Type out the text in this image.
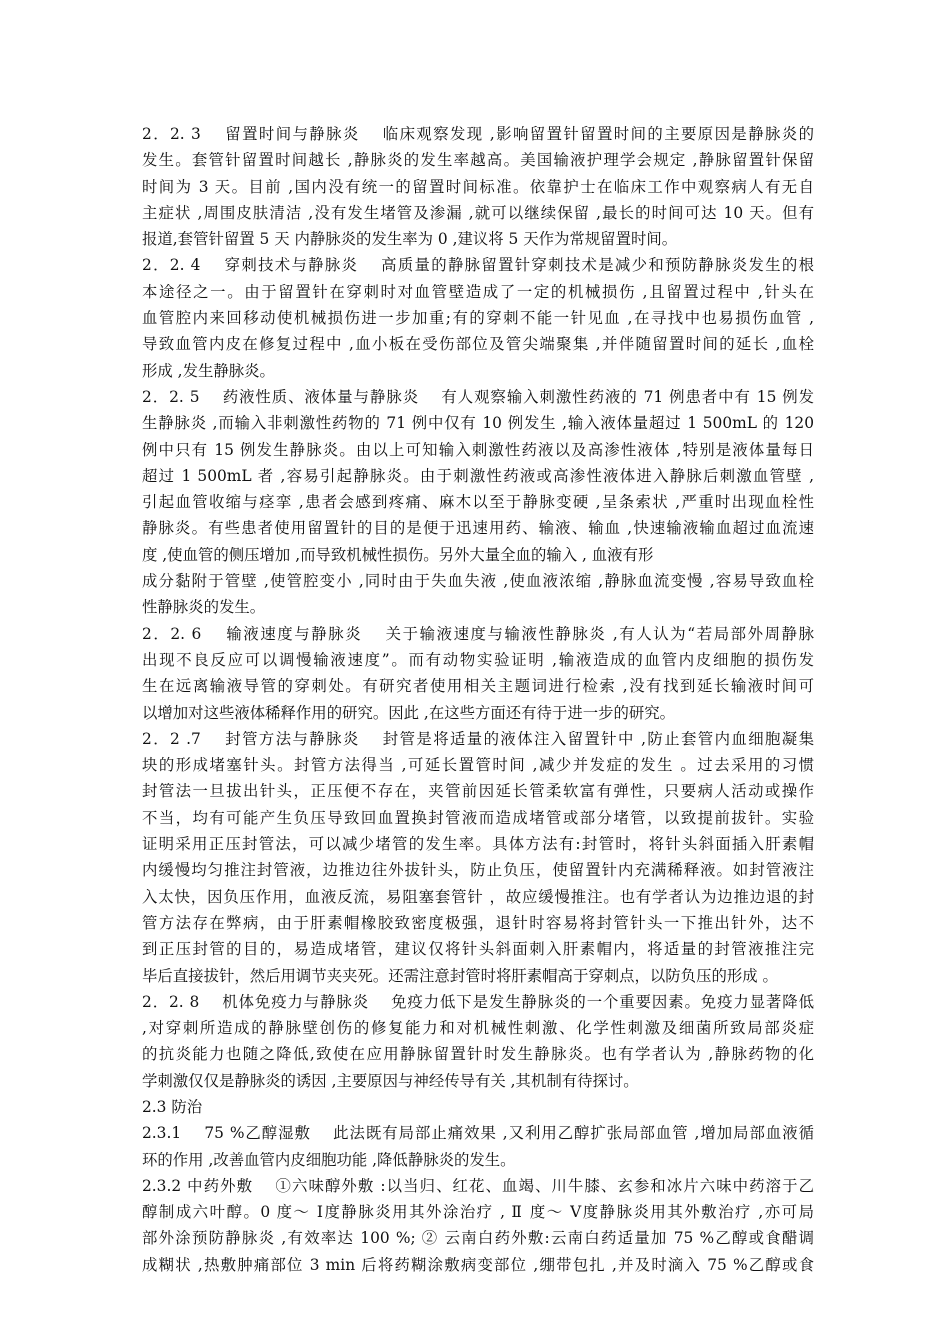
2．2. 3　 留置时间与静脉炎　 临床观察发现 ,影响留置针留置时间的主要原因是静脉炎的
发生。套管针留置时间越长 ,静脉炎的发生率越高。美国输液护理学会规定 ,静脉留置针保留
时间为 3 天。目前 ,国内没有统一的留置时间标准。依靠护士在临床工作中观察病人有无自
主症状 ,周围皮肤清洁 ,没有发生堵管及渗漏 ,就可以继续保留 ,最长的时间可达 10 天。但有
报道,套管针留置 5 天 内静脉炎的发生率为 0 ,建议将 5 天作为常规留置时间。
2．2. 4　 穿刺技术与静脉炎　 高质量的静脉留置针穿刺技术是减少和预防静脉炎发生的根
本途径之一。由于留置针在穿刺时对血管壁造成了一定的机械损伤 ,且留置过程中 ,针头在
血管腔内来回移动使机械损伤进一步加重;有的穿刺不能一针见血 ,在寻找中也易损伤血管 ,
导致血管内皮在修复过程中 ,血小板在受伤部位及管尖端聚集 ,并伴随留置时间的延长 ,血栓
形成 ,发生静脉炎。
2．2. 5　 药液性质、液体量与静脉炎　 有人观察输入刺激性药液的 71 例患者中有 15 例发
生静脉炎 ,而输入非刺激性药物的 71 例中仅有 10 例发生 ,输入液体量超过 1 500mL 的 120
例中只有 15 例发生静脉炎。由以上可知输入刺激性药液以及高渗性液体 ,特别是液体量每日
超过 1 500mL 者 ,容易引起静脉炎。由于刺激性药液或高渗性液体进入静脉后刺激血管壁 ,
引起血管收缩与痉挛 ,患者会感到疼痛、麻木以至于静脉变硬 ,呈条索状 ,严重时出现血栓性
静脉炎。有些患者使用留置针的目的是便于迅速用药、输液、输血 ,快速输液输血超过血流速
度 ,使血管的侧压增加 ,而导致机械性损伤。另外大量全血的输入 , 血液有形
成分黏附于管壁 ,使管腔变小 ,同时由于失血失液 ,使血液浓缩 ,静脉血流变慢 ,容易导致血栓
性静脉炎的发生。
2．2. 6　 输液速度与静脉炎　 关于输液速度与输液性静脉炎 ,有人认为“若局部外周静脉
出现不良反应可以调慢输液速度”。而有动物实验证明 ,输液造成的血管内皮细胞的损伤发
生在远离输液导管的穿刺处。有研究者使用相关主题词进行检索 ,没有找到延长输液时间可
以增加对这些液体稀释作用的研究。因此 ,在这些方面还有待于进一步的研究。
2．2 .7　 封管方法与静脉炎　 封管是将适量的液体注入留置针中 ,防止套管内血细胞凝集
块的形成堵塞针头。封管方法得当 ,可延长置管时间 ,减少并发症的发生 。过去采用的习惯
封管法一旦拔出针头，正压便不存在，夹管前因延长管柔软富有弹性，只要病人活动或操作
不当，均有可能产生负压导致回血置换封管液而造成堵管或部分堵管，以致提前拔针。实验
证明采用正压封管法，可以减少堵管的发生率。具体方法有:封管时，将针头斜面插入肝素帽
内缓慢均匀推注封管液，边推边往外拔针头，防止负压，使留置针内充满稀释液。如封管液注
入太快，因负压作用，血液反流，易阻塞套管针 ，故应缓慢推注。也有学者认为边推边退的封
管方法存在弊病，由于肝素帽橡胶致密度极强，退针时容易将封管针头一下推出针外，达不
到正压封管的目的，易造成堵管，建议仅将针头斜面刺入肝素帽内，将适量的封管液推注完
毕后直接拔针，然后用调节夹夹死。还需注意封管时将肝素帽高于穿刺点，以防负压的形成 。
2．2. 8　 机体免疫力与静脉炎　 免疫力低下是发生静脉炎的一个重要因素。免疫力显著降低
,对穿刺所造成的静脉壁创伤的修复能力和对机械性刺激、化学性刺激及细菌所致局部炎症
的抗炎能力也随之降低,致使在应用静脉留置针时发生静脉炎。也有学者认为 ,静脉药物的化
学刺激仅仅是静脉炎的诱因 ,主要原因与神经传导有关 ,其机制有待探讨。
2.3 防治
2.3.1　 75 %乙醇湿敷　 此法既有局部止痛效果 ,又利用乙醇扩张局部血管 ,增加局部血液循
环的作用 ,改善血管内皮细胞功能 ,降低静脉炎的发生。
2.3.2 中药外敷　 ①六味醇外敷 :以当归、红花、血竭、川牛膝、玄参和冰片六味中药溶于乙
醇制成六叶醇。0 度～ Ⅰ度静脉炎用其外涂治疗 , Ⅱ 度～ Ⅴ度静脉炎用其外敷治疗 ,亦可局
部外涂预防静脉炎 ,有效率达 100 %; ② 云南白药外敷:云南白药适量加 75 %乙醇或食醋调
成糊状 ,热敷肿痛部位 3 min 后将药糊涂敷病变部位 ,绷带包扎 ,并及时滴入 75 %乙醇或食
